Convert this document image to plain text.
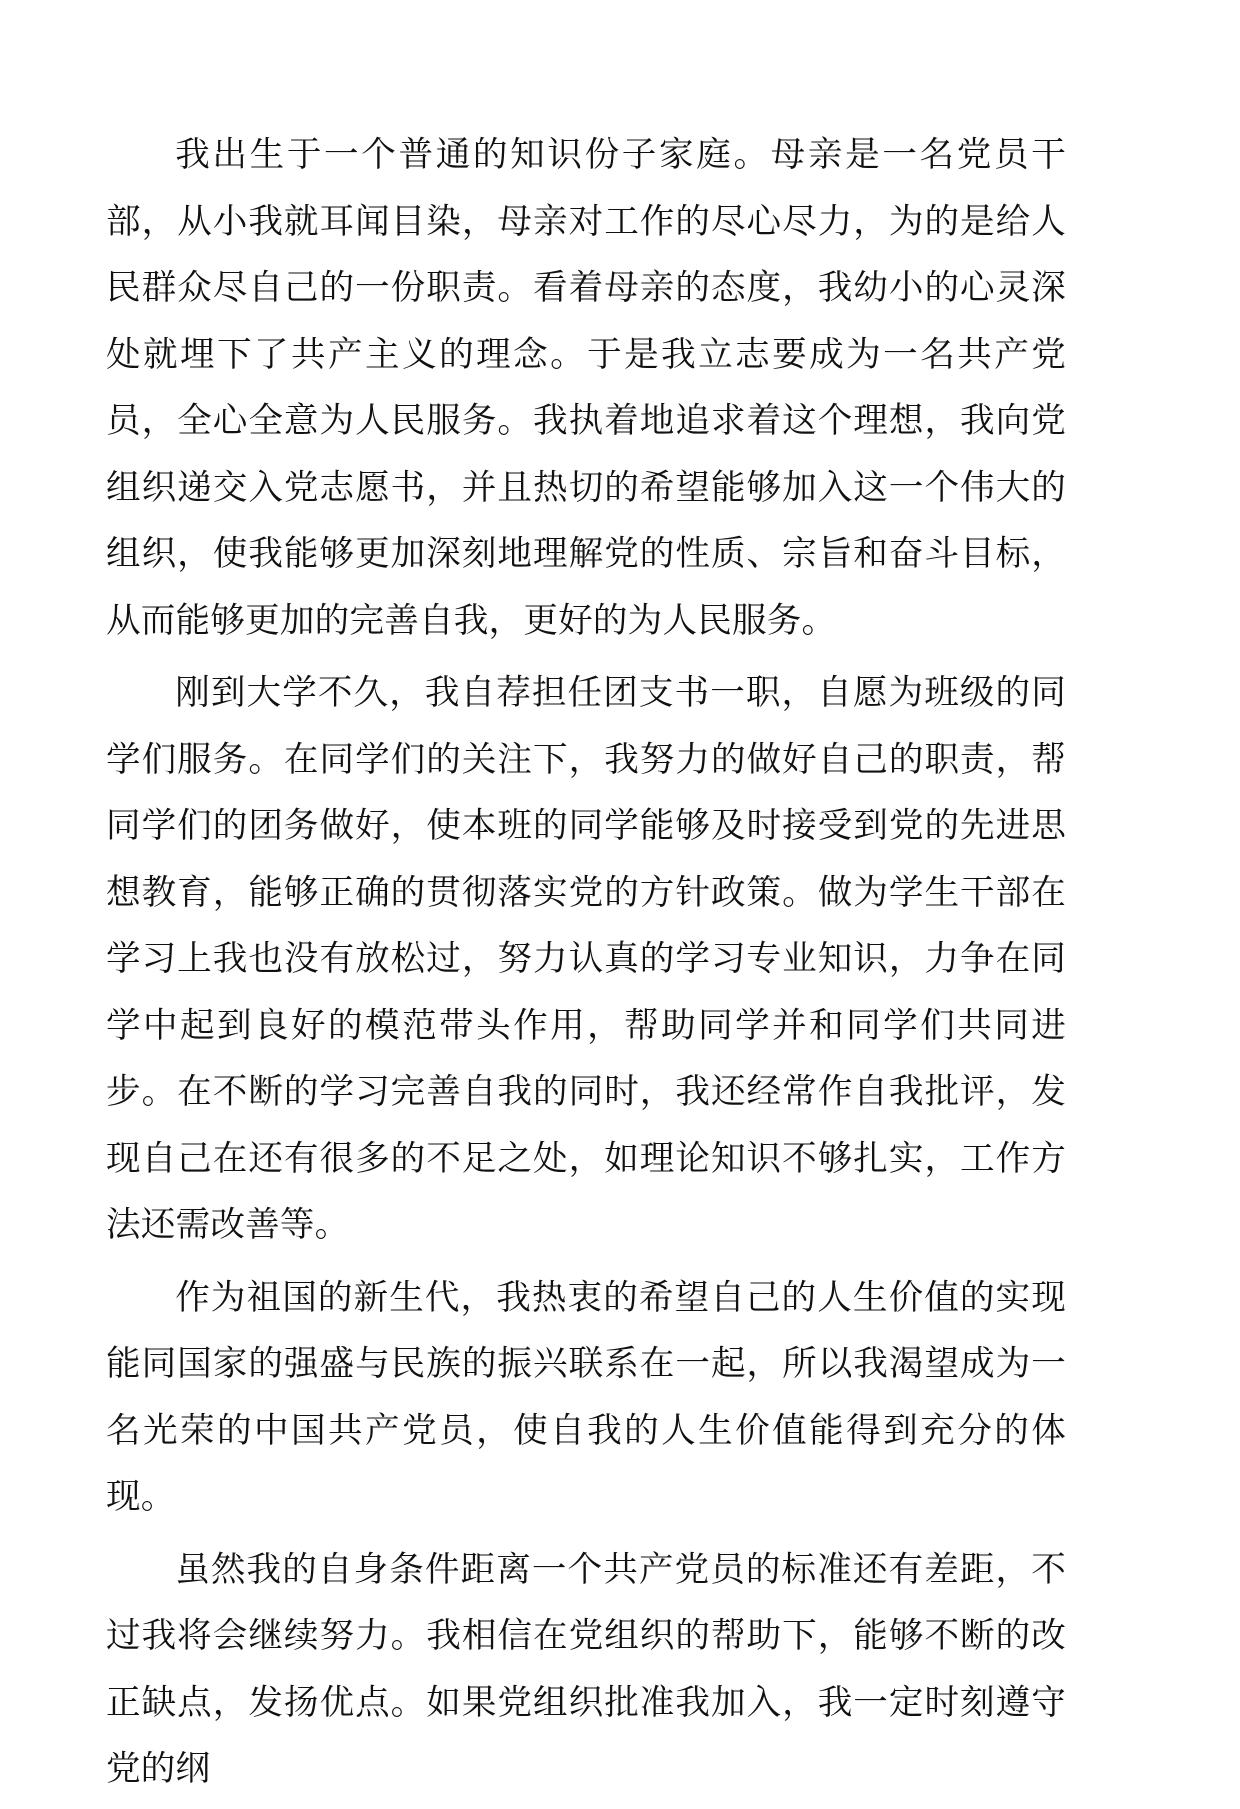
我出生于一个普通的知识份子家庭。母亲是一名党员干部，从小我就耳闻目染，母亲对工作的尽心尽力，为的是给人民群众尽自己的一份职责。看着母亲的态度，我幼小的心灵深处就埋下了共产主义的理念。于是我立志要成为一名共产党员，全心全意为人民服务。我执着地追求着这个理想，我向党组织递交入党志愿书，并且热切的希望能够加入这一个伟大的组织，使我能够更加深刻地理解党的性质、宗旨和奋斗目标，从而能够更加的完善自我，更好的为人民服务。

刚到大学不久，我自荐担任团支书一职，自愿为班级的同学们服务。在同学们的关注下，我努力的做好自己的职责，帮同学们的团务做好，使本班的同学能够及时接受到党的先进思想教育，能够正确的贯彻落实党的方针政策。做为学生干部在学习上我也没有放松过，努力认真的学习专业知识，力争在同学中起到良好的模范带头作用，帮助同学并和同学们共同进步。在不断的学习完善自我的同时，我还经常作自我批评，发现自己在还有很多的不足之处，如理论知识不够扎实，工作方法还需改善等。

作为祖国的新生代，我热衷的希望自己的人生价值的实现能同国家的强盛与民族的振兴联系在一起，所以我渴望成为一名光荣的中国共产党员，使自我的人生价值能得到充分的体现。

虽然我的自身条件距离一个共产党员的标准还有差距，不过我将会继续努力。我相信在党组织的帮助下，能够不断的改正缺点，发扬优点。如果党组织批准我加入，我一定时刻遵守党的纲
